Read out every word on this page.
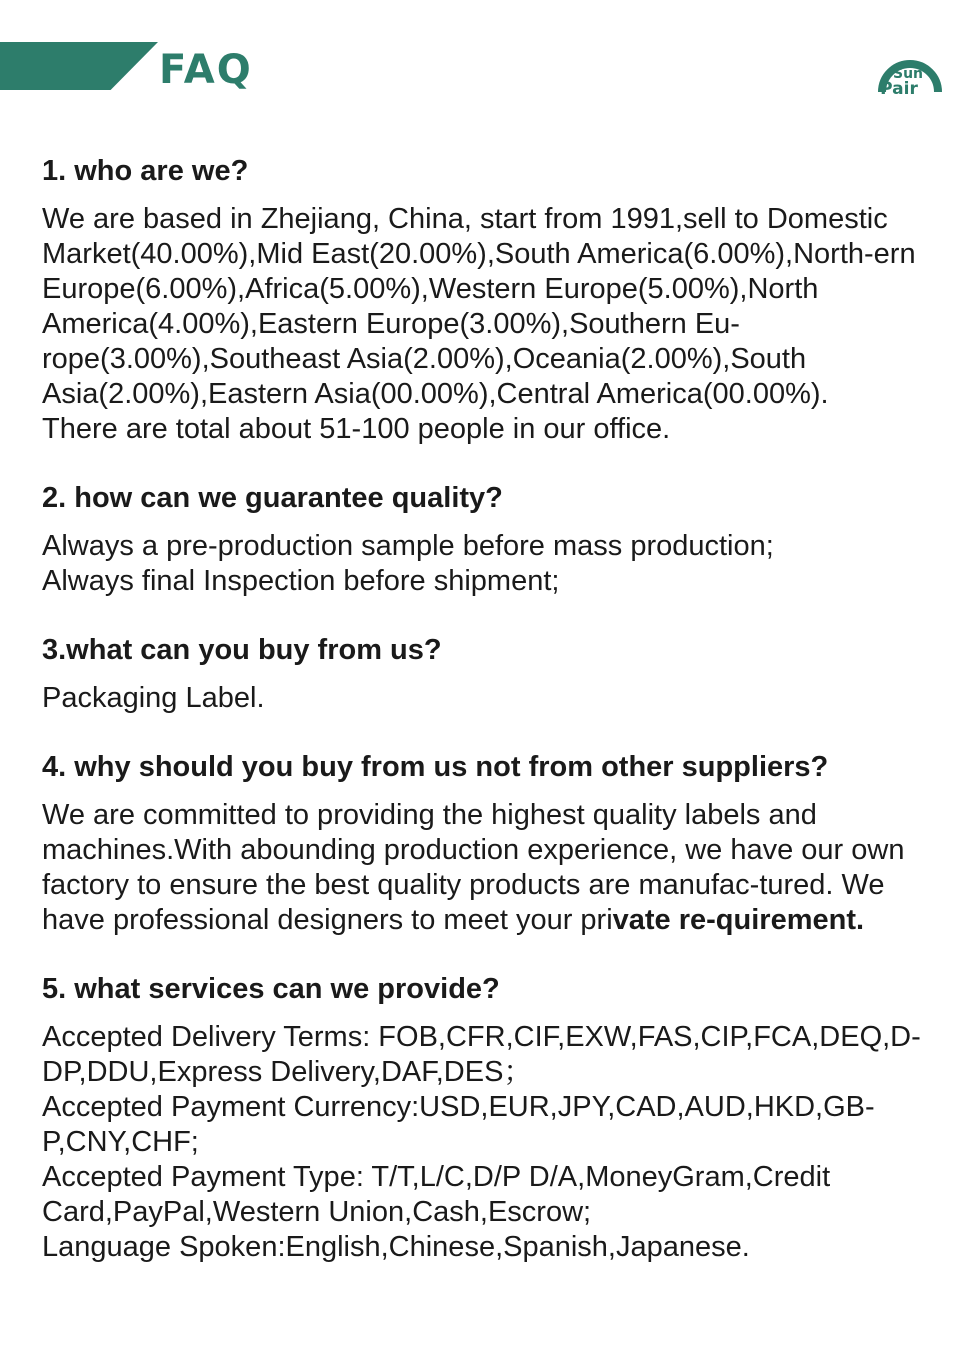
FAQ	Sun
Pair
1. who are we?

We are based in Zhejiang, China, start from 1991,sell to Domestic Market(40.00%),Mid East(20.00%),South America(6.00%),North-ern Europe(6.00%),Africa(5.00%),Western Europe(5.00%),North America(4.00%),Eastern Europe(3.00%),Southern Eu-rope(3.00%),Southeast Asia(2.00%),Oceania(2.00%),South Asia(2.00%),Eastern Asia(00.00%),Central America(00.00%).

There are total about 51-100 people in our office.

2. how can we guarantee quality?

Always a pre-production sample before mass production;

Always final Inspection before shipment;

3.what can you buy from us?

Packaging Label.

4. why should you buy from us not from other suppliers?

We are committed to providing the highest quality labels and machines.With abounding production experience, we have our own factory to ensure the best quality products are manufac-tured. We have professional designers to meet your private re-quirement.

5. what services can we provide?

Accepted Delivery Terms: FOB,CFR,CIF,EXW,FAS,CIP,FCA,DEQ,D-DP,DDU,Express Delivery,DAF,DES；

Accepted Payment Currency:USD,EUR,JPY,CAD,AUD,HKD,GB-P,CNY,CHF;

Accepted Payment Type: T/T,L/C,D/P D/A,MoneyGram,Credit Card,PayPal,Western Union,Cash,Escrow;

Language Spoken:English,Chinese,Spanish,Japanese.
